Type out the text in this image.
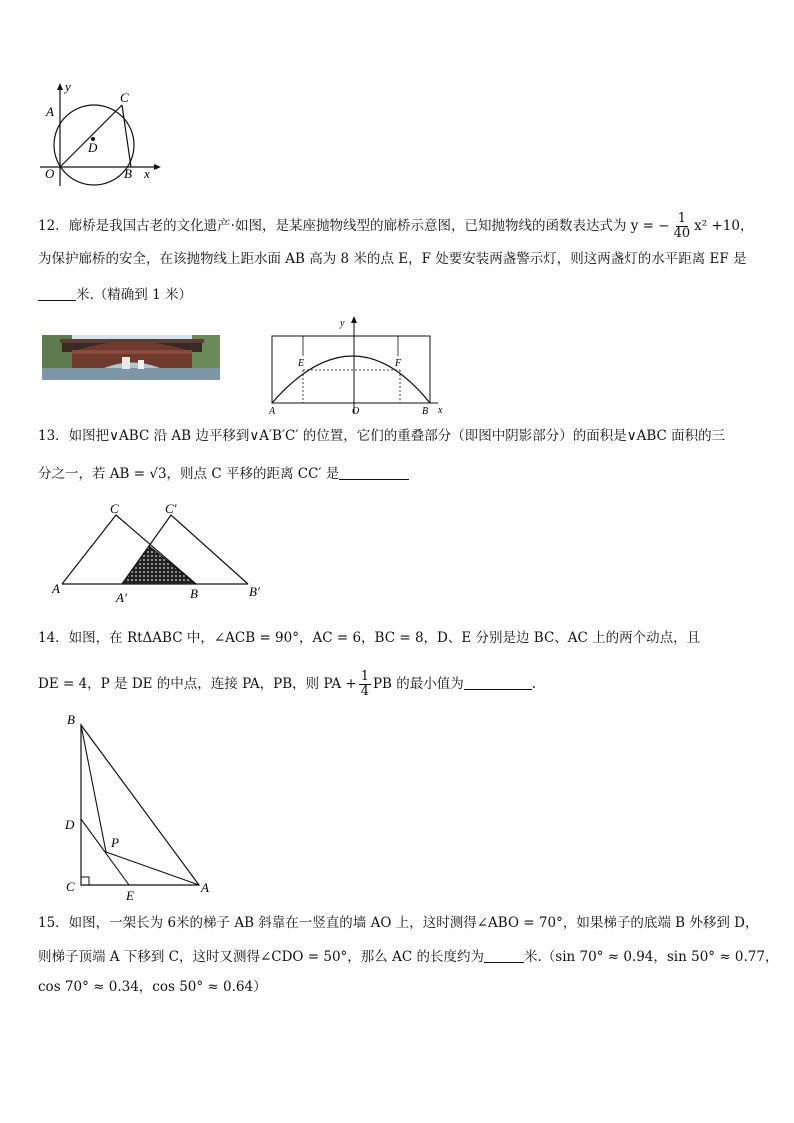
y
x
A
C
D
O	B
12．廊桥是我国古老的文化遗产·如图，是某座抛物线型的廊桥示意图，已知抛物线的函数表达式为 y = − $\frac{1}{40} x^2 +10$，
为保护廊桥的安全，在该抛物线上距水面 AB 高为 8 米的点 E，F 处要安装两盏警示灯，则这两盏灯的水平距离 EF 是
米.（精确到 1 米）
y
x
E	F
A	O	B
13．如图把∨ABC 沿 AB 边平移到∨A′B′C′ 的位置，它们的重叠部分（即图中阴影部分）的面积是∨ABC 面积的三
分之一，若 AB = √3，则点 C 平移的距离 CC′ 是
C	C′
A
A′	B	B′
14．如图，在 RtΔABC 中，∠ACB = 90°，AC = 6，BC = 8，D、E 分别是边 BC、AC 上的两个动点，且
DE = 4，P 是 DE 的中点，连接 PA，PB，则 PA + $\frac{1}{4}$ PB 的最小值为	.
B
D
P
C
E
A
15．如图，一架长为 6米的梯子 AB 斜靠在一竖直的墙 AO 上，这时测得∠ABO = 70°，如果梯子的底端 B 外移到 D，
则梯子顶端 A 下移到 C，这时又测得∠CDO = 50°，那么 AC 的长度约为	米.（sin 70° ≈ 0.94，sin 50° ≈ 0.77，
cos 70° ≈ 0.34，cos 50° ≈ 0.64）
